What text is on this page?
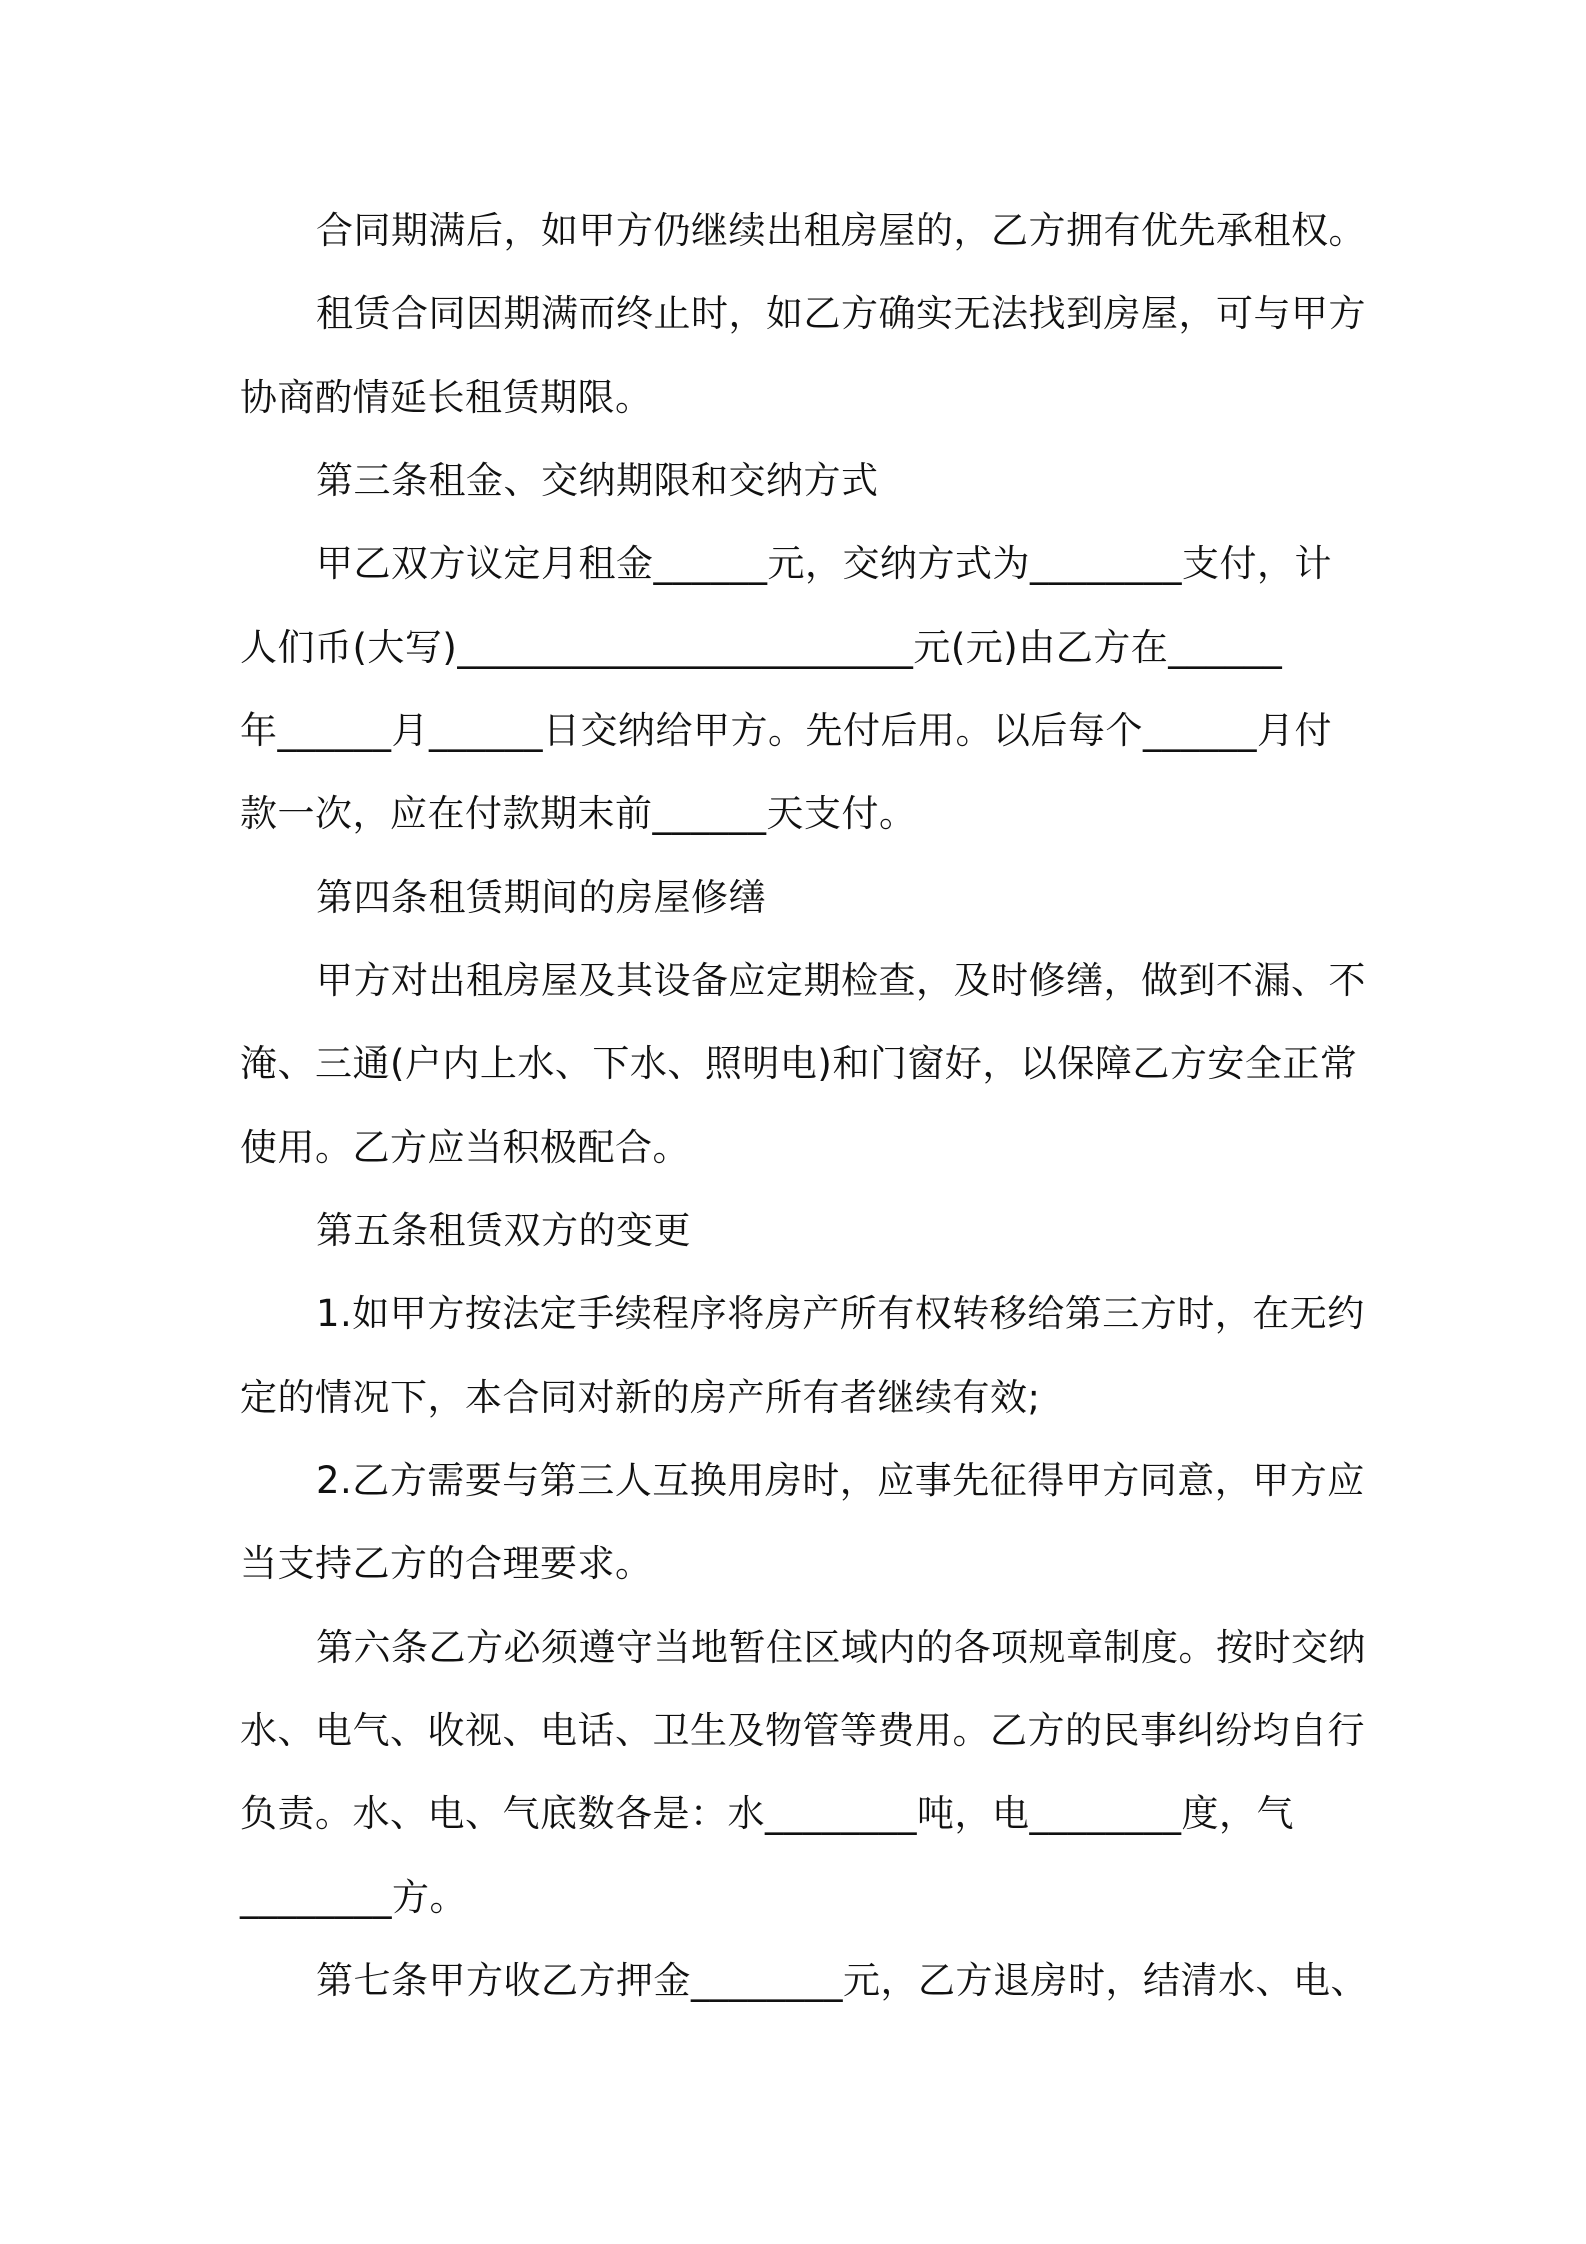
合同期满后，如甲方仍继续出租房屋的，乙方拥有优先承租权。
租赁合同因期满而终止时，如乙方确实无法找到房屋，可与甲方
协商酌情延长租赁期限。
第三条租金、交纳期限和交纳方式
甲乙双方议定月租金______元，交纳方式为________支付，计
人们币(大写)________________________元(元)由乙方在______
年______月______日交纳给甲方。先付后用。以后每个______月付
款一次，应在付款期末前______天支付。
第四条租赁期间的房屋修缮
甲方对出租房屋及其设备应定期检查，及时修缮，做到不漏、不
淹、三通(户内上水、下水、照明电)和门窗好，以保障乙方安全正常
使用。乙方应当积极配合。
第五条租赁双方的变更
1.如甲方按法定手续程序将房产所有权转移给第三方时，在无约
定的情况下，本合同对新的房产所有者继续有效;
2.乙方需要与第三人互换用房时，应事先征得甲方同意，甲方应
当支持乙方的合理要求。
第六条乙方必须遵守当地暂住区域内的各项规章制度。按时交纳
水、电气、收视、电话、卫生及物管等费用。乙方的民事纠纷均自行
负责。水、电、气底数各是：水________吨，电________度，气
________方。
第七条甲方收乙方押金________元，乙方退房时，结清水、电、
